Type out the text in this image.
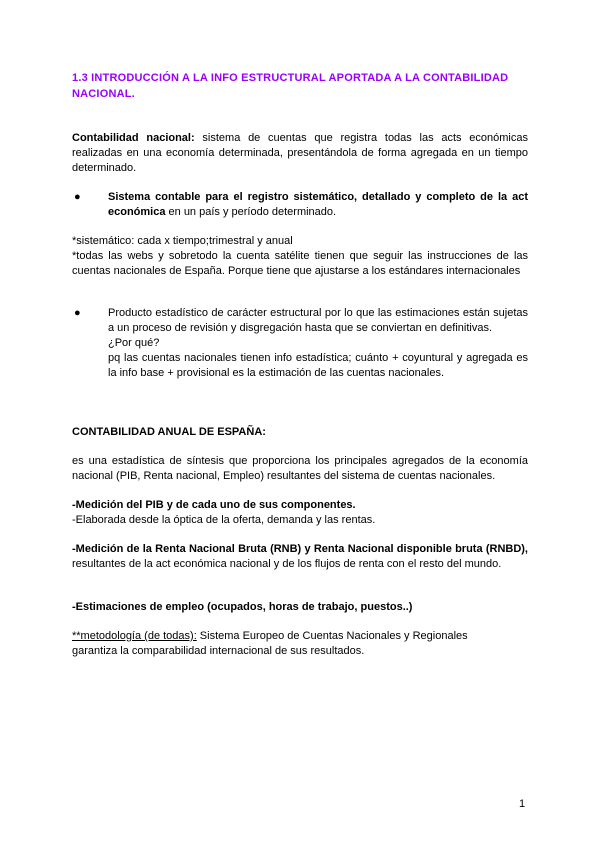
1.3 INTRODUCCIÓN A LA INFO ESTRUCTURAL APORTADA A LA CONTABILIDAD NACIONAL.
Contabilidad nacional: sistema de cuentas que registra todas las acts económicas realizadas en una economía determinada, presentándola de forma agregada en un tiempo determinado.
●	Sistema contable para el registro sistemático, detallado y completo de la act económica en un país y período determinado.
*sistemático: cada x tiempo;trimestral y anual
*todas las webs y sobretodo la cuenta satélite tienen que seguir las instrucciones de las cuentas nacionales de España. Porque tiene que ajustarse a los estándares internacionales
● Producto estadístico de carácter estructural por lo que las estimaciones están sujetas a un proceso de revisión y disgregación hasta que se conviertan en definitivas.
¿Por qué?
pq las cuentas nacionales tienen info estadística; cuánto + coyuntural y agregada es la info base + provisional es la estimación de las cuentas nacionales.
CONTABILIDAD ANUAL DE ESPAÑA:
es una estadística de síntesis que proporciona los principales agregados de la economía nacional (PIB, Renta nacional, Empleo) resultantes del sistema de cuentas nacionales.
-Medición del PIB y de cada uno de sus componentes.
-Elaborada desde la óptica de la oferta, demanda y las rentas.
-Medición de la Renta Nacional Bruta (RNB) y Renta Nacional disponible bruta (RNBD), resultantes de la act económica nacional y de los flujos de renta con el resto del mundo.
-Estimaciones de empleo (ocupados, horas de trabajo, puestos..)
**metodología (de todas): Sistema Europeo de Cuentas Nacionales y Regionales
garantiza la comparabilidad internacional de sus resultados.
1
